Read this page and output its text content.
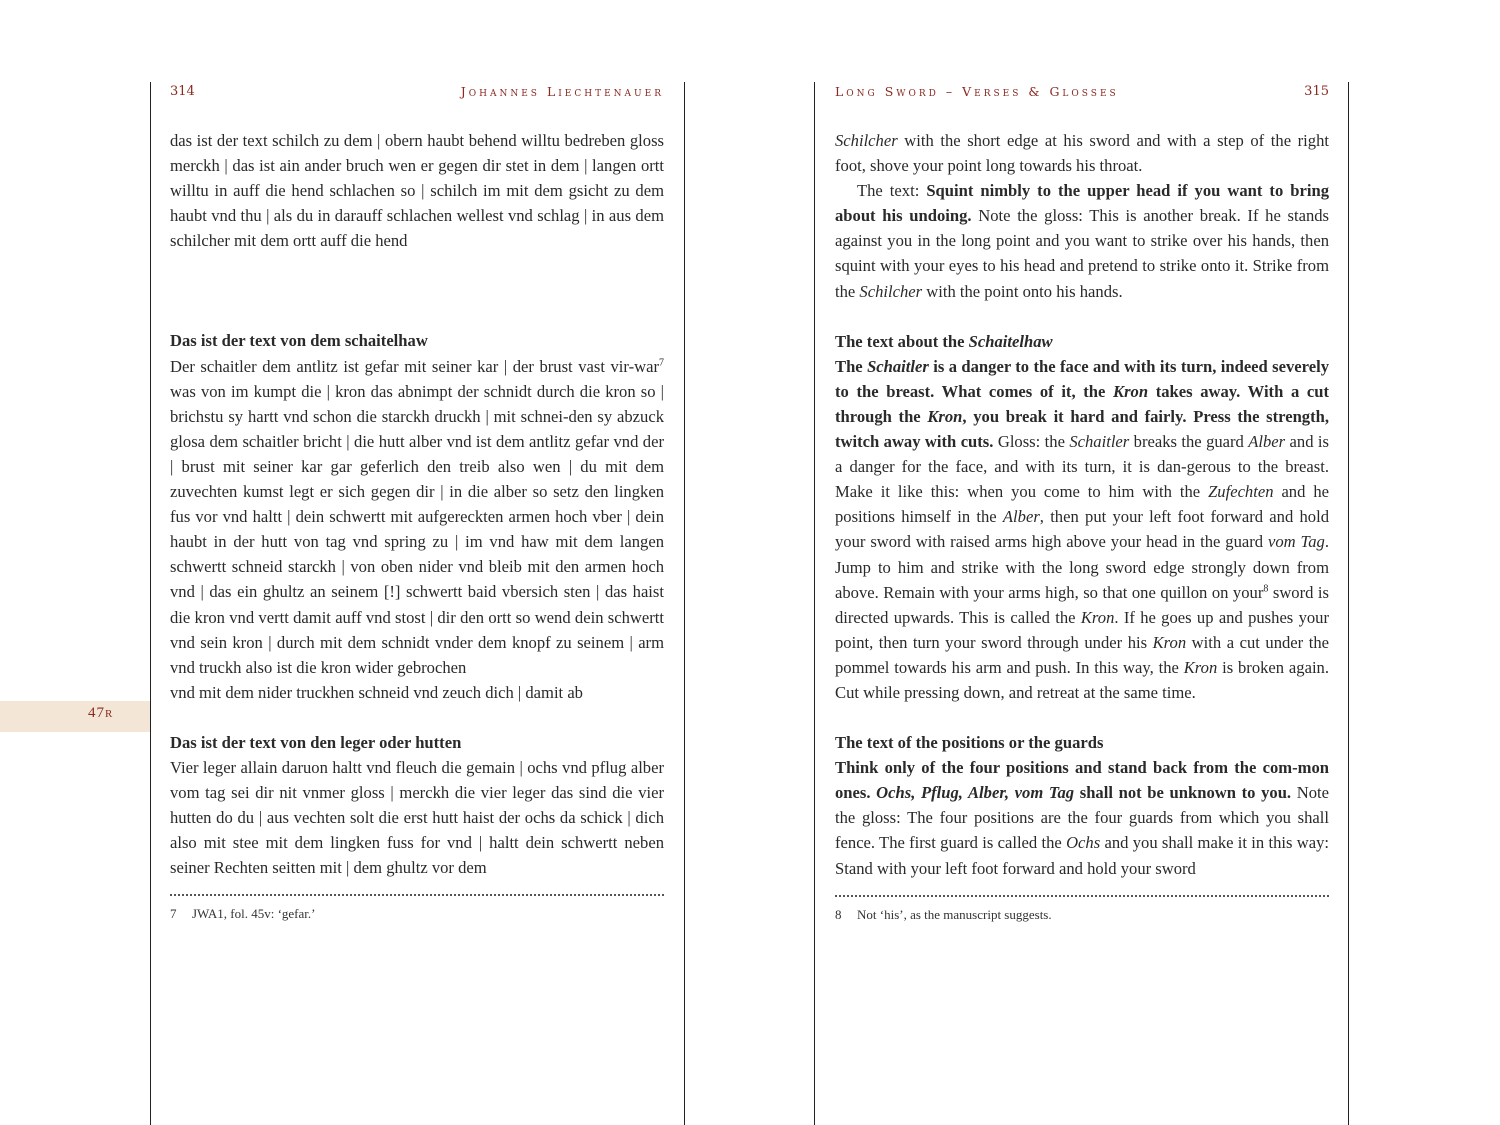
47r
314	Johannes Liechtenauer

das ist der text schilch zu dem | obern haubt behend willtu bedreben gloss merckh | das ist ain ander bruch wen er gegen dir stet in dem | langen ortt willtu in auff die hend schlachen so | schilch im mit dem gsicht zu dem haubt vnd thu | als du in darauff schlachen wellest vnd schlag | in aus dem schilcher mit dem ortt auff die hend

Das ist der text von dem schaitelhaw

Der schaitler dem antlitz ist gefar mit seiner kar | der brust vast vir-war$^7$ was von im kumpt die | kron das abnimpt der schnidt durch die kron so | brichstu sy hartt vnd schon die starckh druckh | mit schnei-den sy abzuck glosa dem schaitler bricht | die hutt alber vnd ist dem antlitz gefar vnd der | brust mit seiner kar gar geferlich den treib also wen | du mit dem zuvechten kumst legt er sich gegen dir | in die alber so setz den lingken fus vor vnd haltt | dein schwertt mit aufgereckten armen hoch vber | dein haubt in der hutt von tag vnd spring zu | im vnd haw mit dem langen schwertt schneid starckh | von oben nider vnd bleib mit den armen hoch vnd | das ein ghultz an seinem [!] schwertt baid vbersich sten | das haist die kron vnd vertt damit auff vnd stost | dir den ortt so wend dein schwertt vnd sein kron | durch mit dem schnidt vnder dem knopf zu seinem | arm vnd truckh also ist die kron wider gebrochen

vnd mit dem nider truckhen schneid vnd zeuch dich | damit ab

Das ist der text von den leger oder hutten

Vier leger allain daruon haltt vnd fleuch die gemain | ochs vnd pflug alber vom tag sei dir nit vnmer gloss | merckh die vier leger das sind die vier hutten do du | aus vechten solt die erst hutt haist der ochs da schick | dich also mit stee mit dem lingken fuss for vnd | haltt dein schwertt neben seiner Rechten seitten mit | dem ghultz vor dem

7 JWA1, fol. 45v: ‘gefar.’
Long Sword – Verses & Glosses	315

Schilcher with the short edge at his sword and with a step of the right foot, shove your point long towards his throat.

The text: Squint nimbly to the upper head if you want to bring about his undoing. Note the gloss: This is another break. If he stands against you in the long point and you want to strike over his hands, then squint with your eyes to his head and pretend to strike onto it. Strike from the Schilcher with the point onto his hands.

The text about the Schaitelhaw

The Schaitler is a danger to the face and with its turn, indeed severely to the breast. What comes of it, the Kron takes away. With a cut through the Kron, you break it hard and fairly. Press the strength, twitch away with cuts. Gloss: the Schaitler breaks the guard Alber and is a danger for the face, and with its turn, it is dan-gerous to the breast. Make it like this: when you come to him with the Zufechten and he positions himself in the Alber, then put your left foot forward and hold your sword with raised arms high above your head in the guard vom Tag. Jump to him and strike with the long sword edge strongly down from above. Remain with your arms high, so that one quillon on your$^8$ sword is directed upwards. This is called the Kron. If he goes up and pushes your point, then turn your sword through under his Kron with a cut under the pommel towards his arm and push. In this way, the Kron is broken again. Cut while pressing down, and retreat at the same time.

The text of the positions or the guards

Think only of the four positions and stand back from the com-mon ones. Ochs, Pflug, Alber, vom Tag shall not be unknown to you. Note the gloss: The four positions are the four guards from which you shall fence. The first guard is called the Ochs and you shall make it in this way: Stand with your left foot forward and hold your sword

8 Not ‘his’, as the manuscript suggests.
